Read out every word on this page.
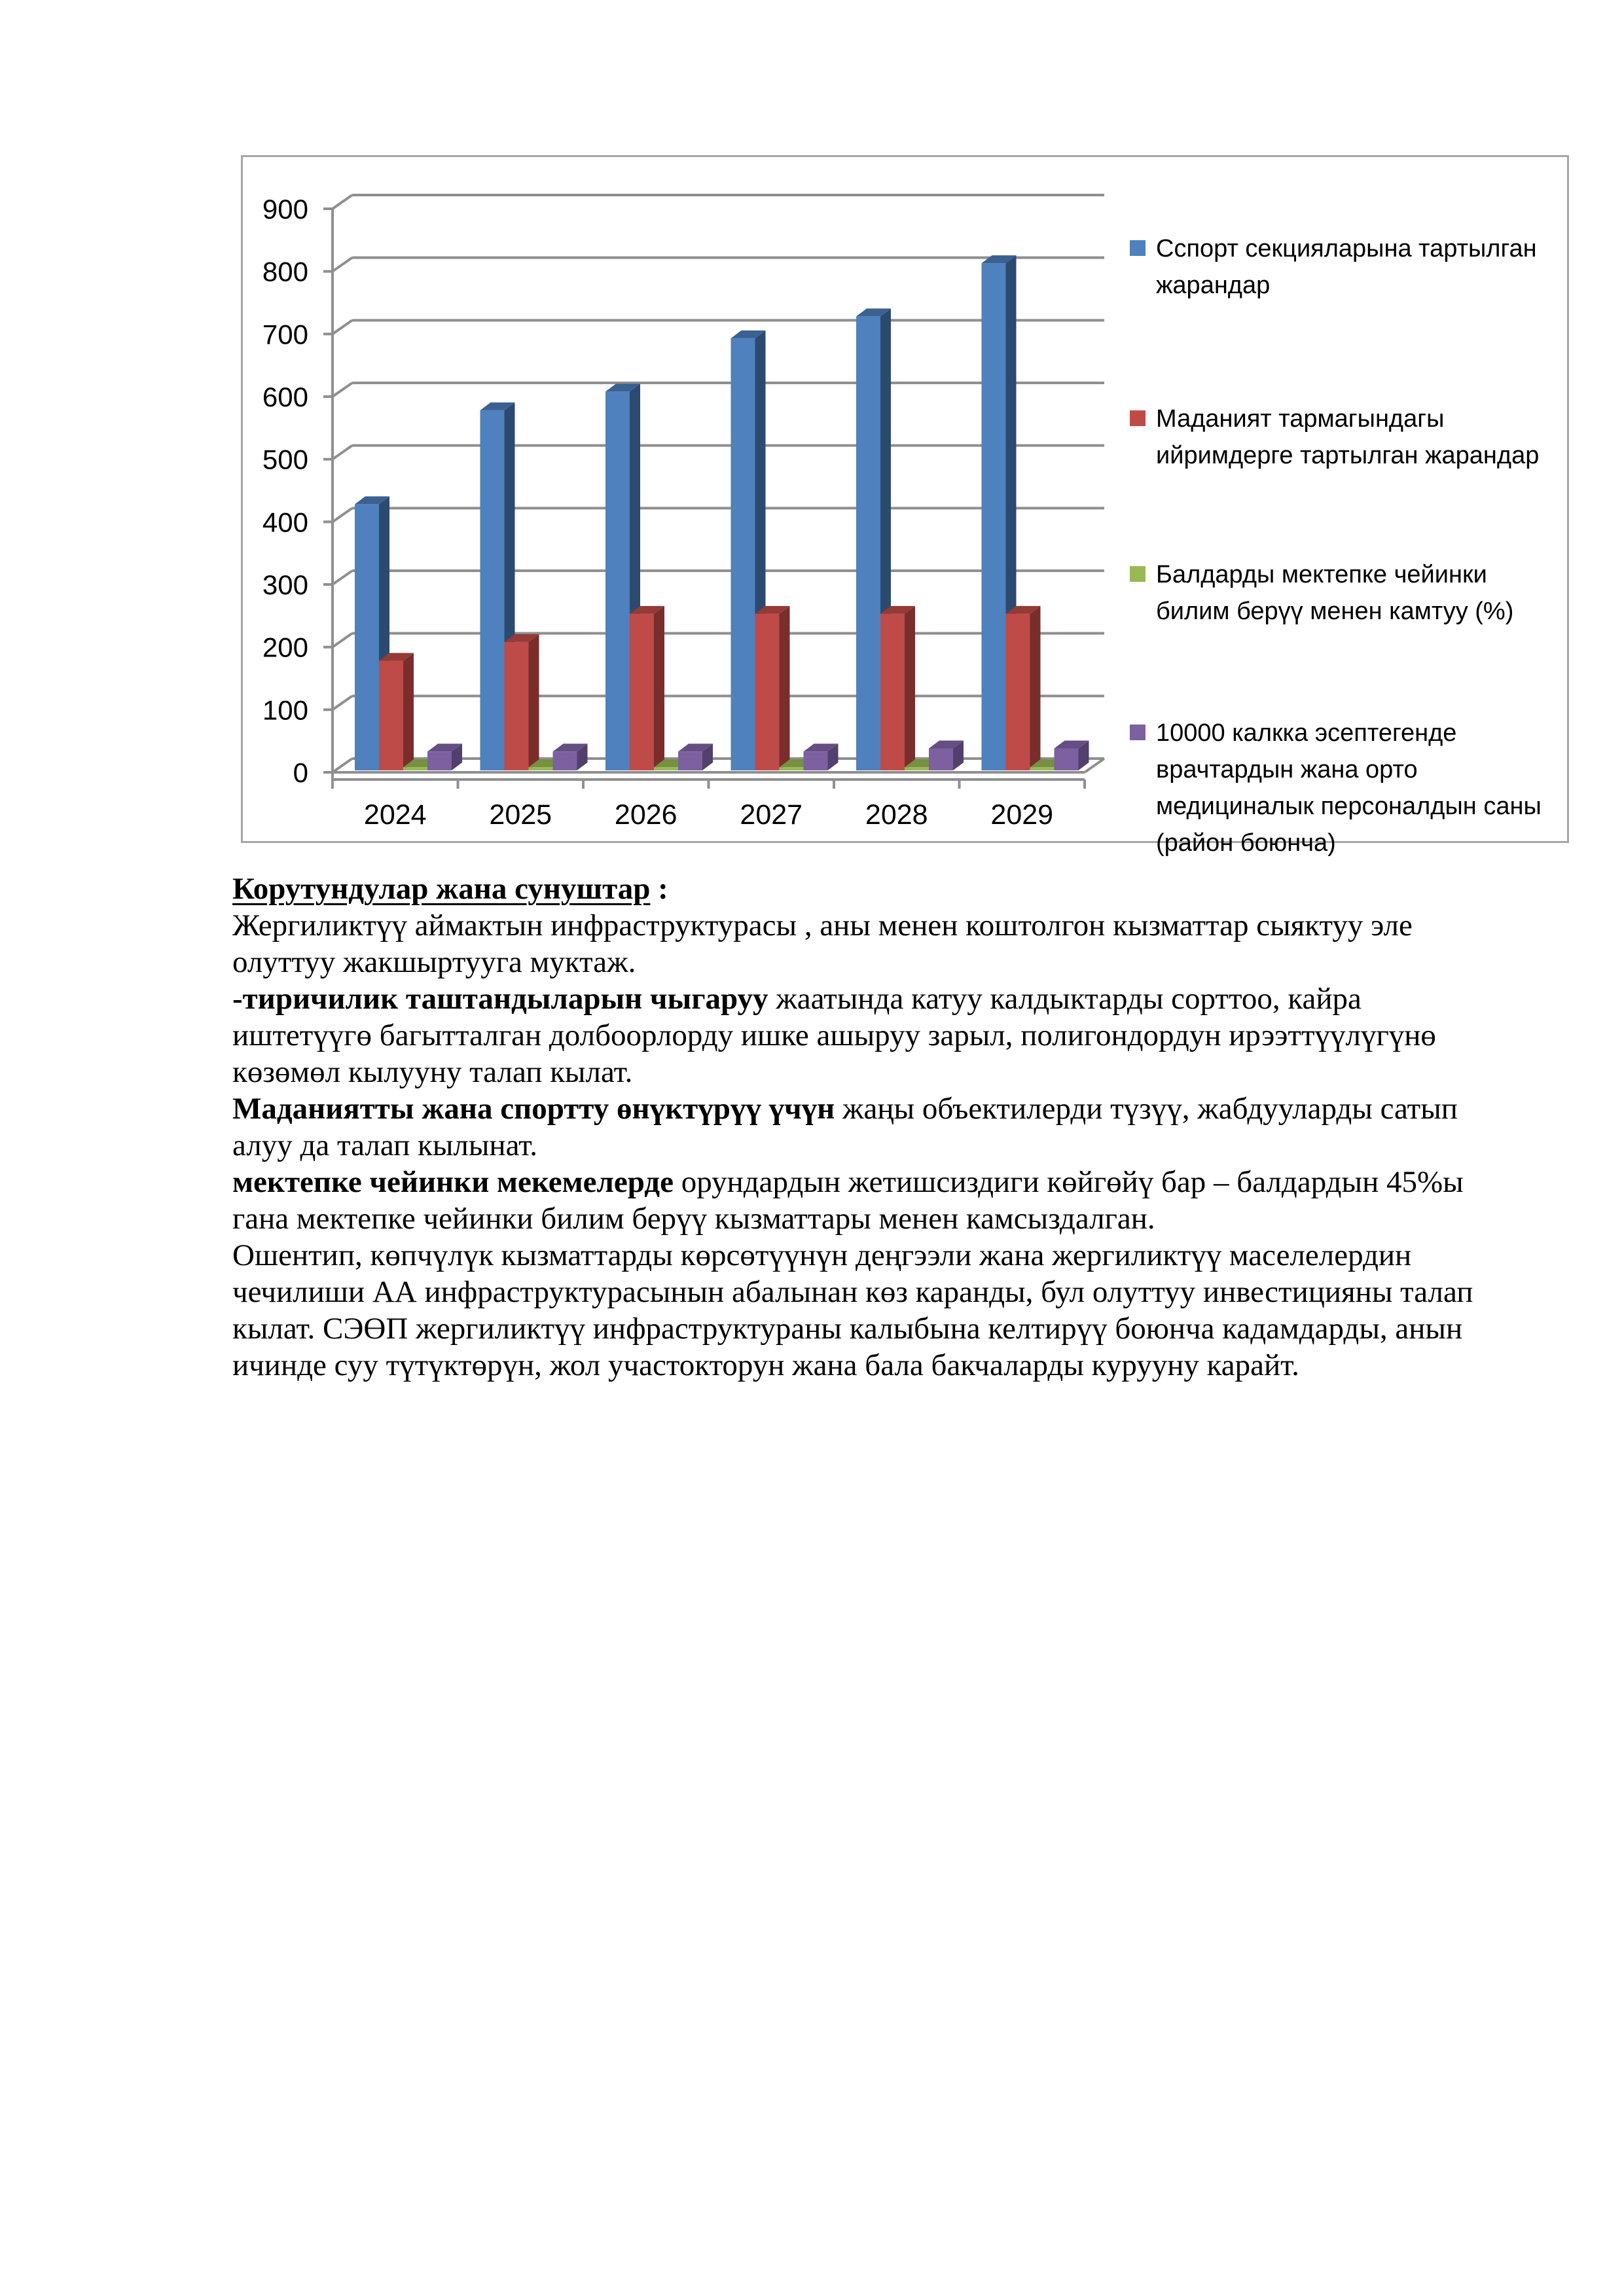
0
100
200
300
400
500
600
700
800
900
2024 2025 2026 2027 2028 2029
Сспорт секцияларына тартылган жарандар
Маданият тармагындагы ийримдерге тартылган жарандар
Балдарды мектепке чейинки билим берүү менен камтуу (%)
10000 калкка эсептегенде врачтардын жана орто медициналык персоналдын саны (район боюнча)
Корутундулар жана сунуштар :

Жергиликтүү аймактын инфраструктурасы , аны менен коштолгон кызматтар сыяктуу эле олуттуу жакшыртууга муктаж.

-тиричилик таштандыларын чыгаруу жаатында катуу калдыктарды сорттоо, кайра иштетүүгө багытталган долбоорлорду ишке ашыруу зарыл, полигондордун ирээттүүлүгүнө көзөмөл кылууну талап кылат.

Маданиятты жана спортту өнүктүрүү үчүн жаңы объектилерди түзүү, жабдууларды сатып алуу да талап кылынат.

мектепке чейинки мекемелерде орундардын жетишсиздиги көйгөйү бар – балдардын 45%ы гана мектепке чейинки билим берүү кызматтары менен камсыздалган.

Ошентип, көпчүлүк кызматтарды көрсөтүүнүн деңгээли жана жергиликтүү маселелердин чечилиши АА инфраструктурасынын абалынан көз каранды, бул олуттуу инвестицияны талап кылат. СЭӨП жергиликтүү инфраструктураны калыбына келтирүү боюнча кадамдарды, анын ичинде суу түтүктөрүн, жол участокторун жана бала бакчаларды курууну карайт.
